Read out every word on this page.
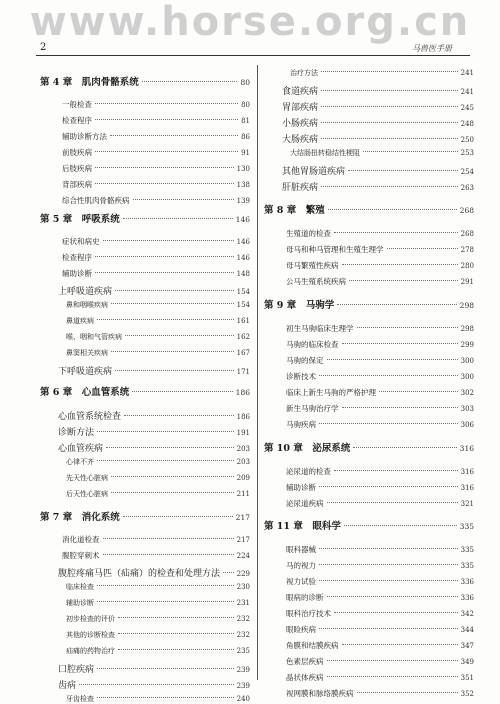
www.horse.org.cn
2	马兽医手册
第 4 章　肌肉骨骼系统	80
一般检查	80
检查程序	81
辅助诊断方法	86
前肢疾病	91
后肢疾病	130
背部疾病	138
综合性肌肉骨骼疾病	139
第 5 章　呼吸系统	146
症状和病史	146
检查程序	146
辅助诊断	148
上呼吸道疾病	154
鼻和咽喉疾病	154
鼻道疾病	161
喉、咽和气管疾病	162
鼻窦相关疾病	167
下呼吸道疾病	171
第 6 章　心血管系统	186
心血管系统检查	186
诊断方法	191
心血管疾病	203
心律不齐	203
先天性心脏病	209
后天性心脏病	211
第 7 章　消化系统	217
消化道检查	217
腹腔穿刺术	224
腹腔疼痛马匹（疝痛）的检查和处理方法 229
临床检查	230
辅助诊断	231
初步检查的评价	232
其他的诊断检查	232
疝痛的药物治疗	235
口腔疾病	239
齿病	239
牙齿检查	240
治疗方法	241
食道疾病	241
胃部疾病	245
小肠疾病	248
大肠疾病	250
大结肠扭转稳结性梗阻	253
其他胃肠道疾病	254
肝脏疾病	263
第 8 章　繁殖	268
生殖道的检查	268
母马和种马管理和生殖生理学	278
母马繁殖性疾病	280
公马生殖系统疾病	291
第 9 章　马驹学	298
初生马驹临床生理学	298
马驹的临床检查	299
马驹的保定	300
诊断技术	300
临床上新生马驹的严格护理	302
新生马驹治疗学	303
马驹疾病	306
第 10 章　泌尿系统	316
泌尿道的检查	316
辅助诊断	316
泌尿道疾病	321
第 11 章　眼科学	335
眼科器械	335
马的视力	335
视力试验	336
眼病的诊断	336
眼科治疗技术	342
眼睑疾病	344
角膜和结膜疾病	347
色素层疾病	349
晶状体疾病	351
视网膜和脉络膜疾病	352
